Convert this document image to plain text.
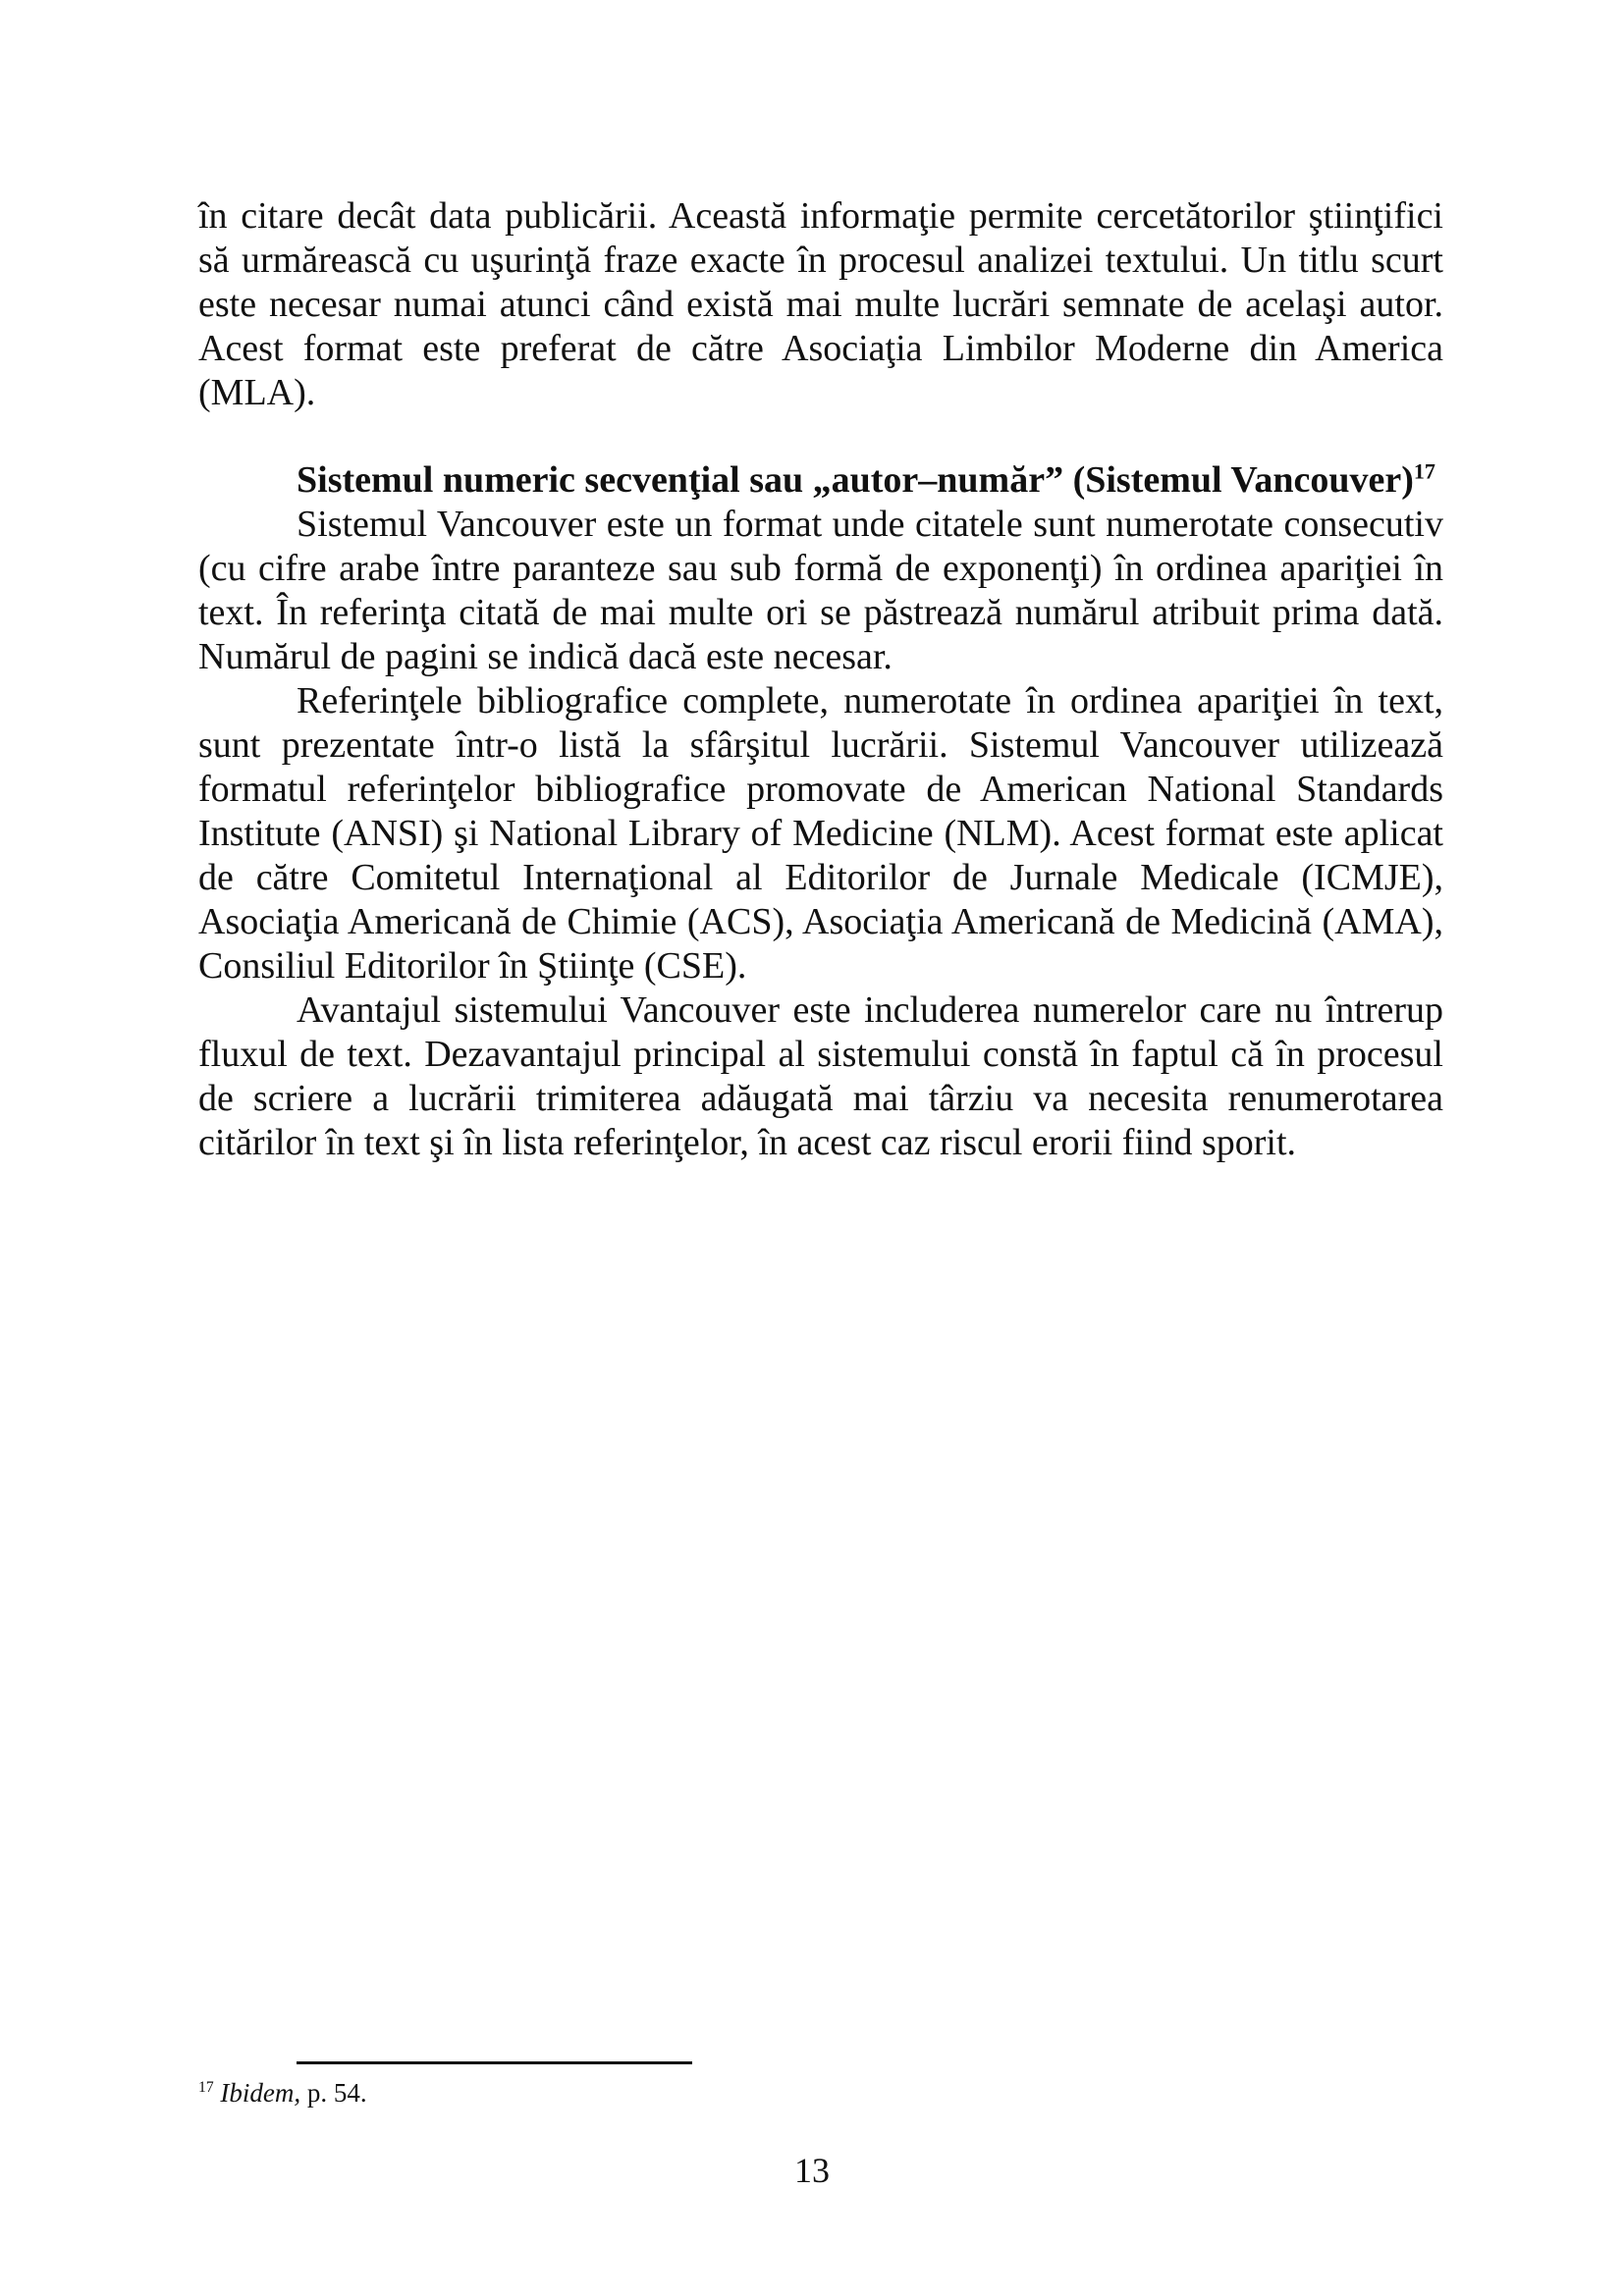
în citare decât data publicării. Această informaţie permite cercetătorilor ştiinţifici să urmărească cu uşurinţă fraze exacte în procesul analizei textului. Un titlu scurt este necesar numai atunci când există mai multe lucrări semnate de acelaşi autor. Acest format este preferat de către Asociaţia Limbilor Moderne din America (MLA).

Sistemul numeric secvenţial sau „autor–număr” (Sistemul Vancouver)$^{17}$

Sistemul Vancouver este un format unde citatele sunt numerotate consecutiv (cu cifre arabe între paranteze sau sub formă de exponenţi) în ordinea apariţiei în text. În referinţa citată de mai multe ori se păstrează numărul atribuit prima dată. Numărul de pagini se indică dacă este necesar.

Referinţele bibliografice complete, numerotate în ordinea apariţiei în text, sunt prezentate într-o listă la sfârşitul lucrării. Sistemul Vancouver utilizează formatul referinţelor bibliografice promovate de American National Standards Institute (ANSI) şi National Library of Medicine (NLM). Acest format este aplicat de către Comitetul Internaţional al Editorilor de Jurnale Medicale (ICMJE), Asociaţia Americană de Chimie (ACS), Asociaţia Americană de Medicină (AMA), Consiliul Editorilor în Ştiinţe (CSE).

Avantajul sistemului Vancouver este includerea numerelor care nu întrerup fluxul de text. Dezavantajul principal al sistemului constă în faptul că în procesul de scriere a lucrării trimiterea adăugată mai târziu va necesita renumerotarea citărilor în text şi în lista referinţelor, în acest caz riscul erorii fiind sporit.

$^{17}$ Ibidem, p. 54.
13
